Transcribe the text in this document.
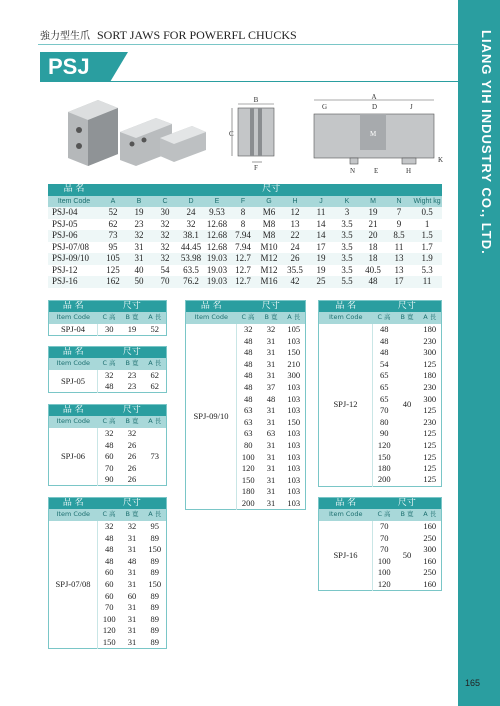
LIANG YIH INDUSTRY CO., LTD.
強力型生爪 SORT JAWS FOR POWERFL CHUCKS
PSJ
B
C
F
A
G	D	J
M
K
N	E	H
品 名	尺寸												
Item Code	A	B	C	D	E	F	G	H	J	K	M	N	Wight kg
PSJ-04	52	19	30	24	9.53	8	M6	12	11	3	19	7	0.5
PSJ-05	62	23	32	32	12.68	8	M8	13	14	3.5	21	9	1
PSJ-06	73	32	32	38.1	12.68	7.94	M8	22	14	3.5	20	8.5	1.5
PSJ-07/08	95	31	32	44.45	12.68	7.94	M10	24	17	3.5	18	11	1.7
PSJ-09/10	105	31	32	53.98	19.03	12.7	M12	26	19	3.5	18	13	1.9
PSJ-12	125	40	54	63.5	19.03	12.7	M12	35.5	19	3.5	40.5	13	5.3
PSJ-16	162	50	70	76.2	19.03	12.7	M16	42	25	5.5	48	17	11
品 名	尺寸		
Item Code	C 高	B 寬	A 長
SPJ-04	30	19	52
品 名	尺寸		
Item Code	C 高	B 寬	A 長
SPJ-05	32	23	62
	48	23	62
品 名	尺寸		
Item Code	C 高	B 寬	A 長
SPJ-06	32	32	73
	48	26	
	60	26	
	70	26	
	90	26	
品 名	尺寸		
Item Code	C 高	B 寬	A 長
SPJ-07/08	32	32	95
	48	31	89
	48	31	150
	48	48	89
	60	31	89
	60	31	150
	60	60	89
	70	31	89
	100	31	89
	120	31	89
	150	31	89
品 名	尺寸		
Item Code	C 高	B 寬	A 長
SPJ-09/10	32	32	105
	48	31	103
	48	31	150
	48	31	210
	48	31	300
	48	37	103
	48	48	103
	63	31	103
	63	31	150
	63	63	103
	80	31	103
	100	31	103
	120	31	103
	150	31	103
	180	31	103
	200	31	103
品 名	尺寸		
Item Code	C 高	B 寬	A 長
SPJ-12	48	40	180
	48		230
	48		300
	54		125
	65		180
	65		230
	65		300
	70		125
	80		230
	90		125
	120		125
	150		125
	180		125
	200		125
品 名	尺寸		
Item Code	C 高	B 寬	A 長
SPJ-16	70	50	160
	70		250
	70		300
	100		160
	100		250
	120		160
165
